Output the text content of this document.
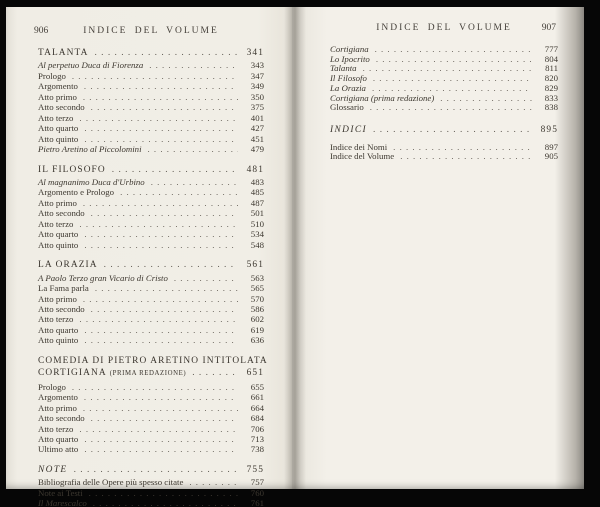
906	INDICE DEL VOLUME
TALANTA . .	341
Al perpetuo Duca di Fiorenza . .	343
Prologo . .	347
Argomento . .	349
Atto primo . .	350
Atto secondo . .	375
Atto terzo . .	401
Atto quarto . .	427
Atto quinto . .	451
Pietro Aretino al Piccolomini . .	479
IL FILOSOFO . .	481
Al magnanimo Duca d'Urbino . .	483
Argomento e Prologo . .	485
Atto primo . .	487
Atto secondo . .	501
Atto terzo . .	510
Atto quarto . .	534
Atto quinto . .	548
LA ORAZIA . .	561
A Paolo Terzo gran Vicario di Cristo . .	563
La Fama parla . .	565
Atto primo . .	570
Atto secondo . .	586
Atto terzo . .	602
Atto quarto . .	619
Atto quinto . .	636
COMEDIA DI PIETRO ARETINO INTITOLATA
CORTIGIANA (PRIMA REDAZIONE) . .	651
Prologo . .	655
Argomento . .	661
Atto primo . .	664
Atto secondo . .	684
Atto terzo . .	706
Atto quarto . .	713
Ultimo atto . .	738
NOTE . .	755
Bibliografia delle Opere più spesso citate . .	757
Note ai Testi . .	760
Il Marescalco . .	761
907
INDICE DEL VOLUME
Cortigiana . .	777
Lo Ipocrito . .	804
Talanta . .	811
Il Filosofo . .	820
La Orazia . .	829
Cortigiana (prima redazione) . .	833
Glossario . .	838
INDICI . .	895
Indice dei Nomi . .	897
Indice del Volume . .	905
